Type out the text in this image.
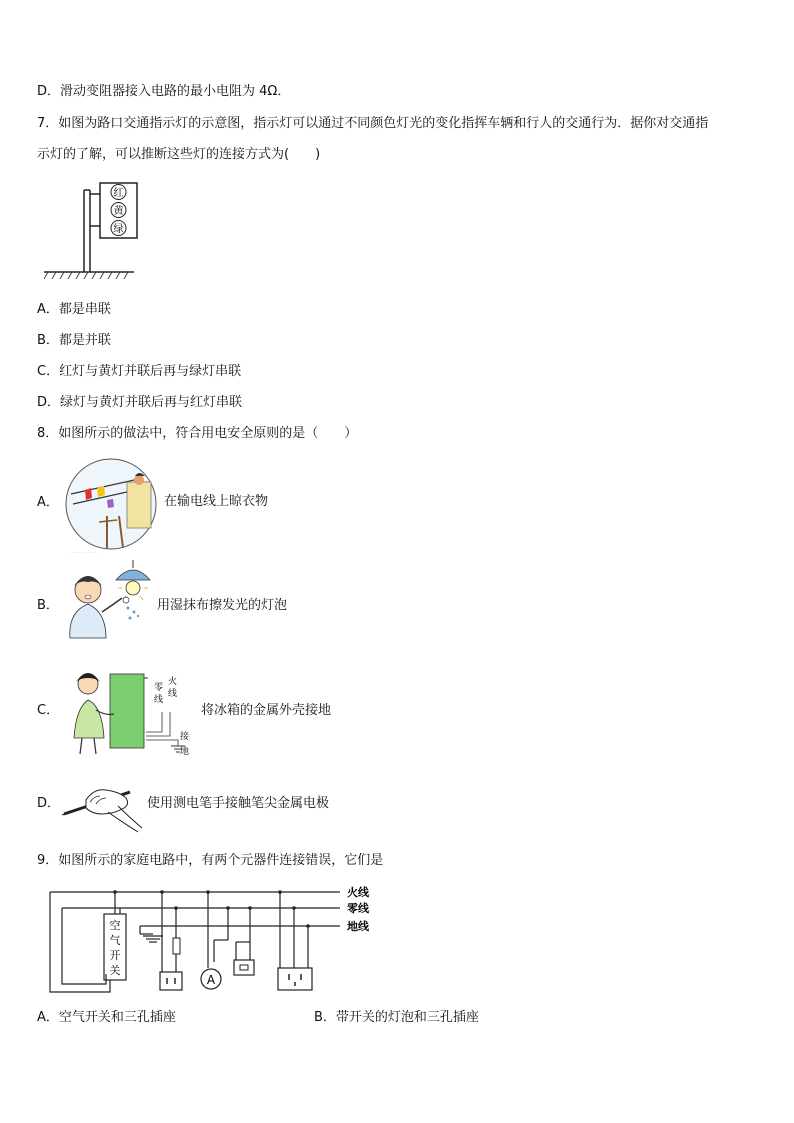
D．滑动变阻器接入电路的最小电阻为 4Ω．
7．如图为路口交通指示灯的示意图，指示灯可以通过不同颜色灯光的变化指挥车辆和行人的交通行为．据你对交通指
示灯的了解，可以推断这些灯的连接方式为(　　)
红
黄
绿
A．都是串联
B．都是并联
C．红灯与黄灯并联后再与绿灯串联
D．绿灯与黄灯并联后再与红灯串联
8．如图所示的做法中，符合用电安全原则的是（　　）
A．
· · · · · · · · · ·
在输电线上晾衣物
B．	用湿抹布擦发光的灯泡
C．
零
线
火
线
接
地
将冰箱的金属外壳接地
D．	使用测电笔手接触笔尖金属电极
9．如图所示的家庭电路中，有两个元器件连接错误，它们是
A
空
气
开
关
火线
零线
地线
A．空气开关和三孔插座	B．带开关的灯泡和三孔插座
